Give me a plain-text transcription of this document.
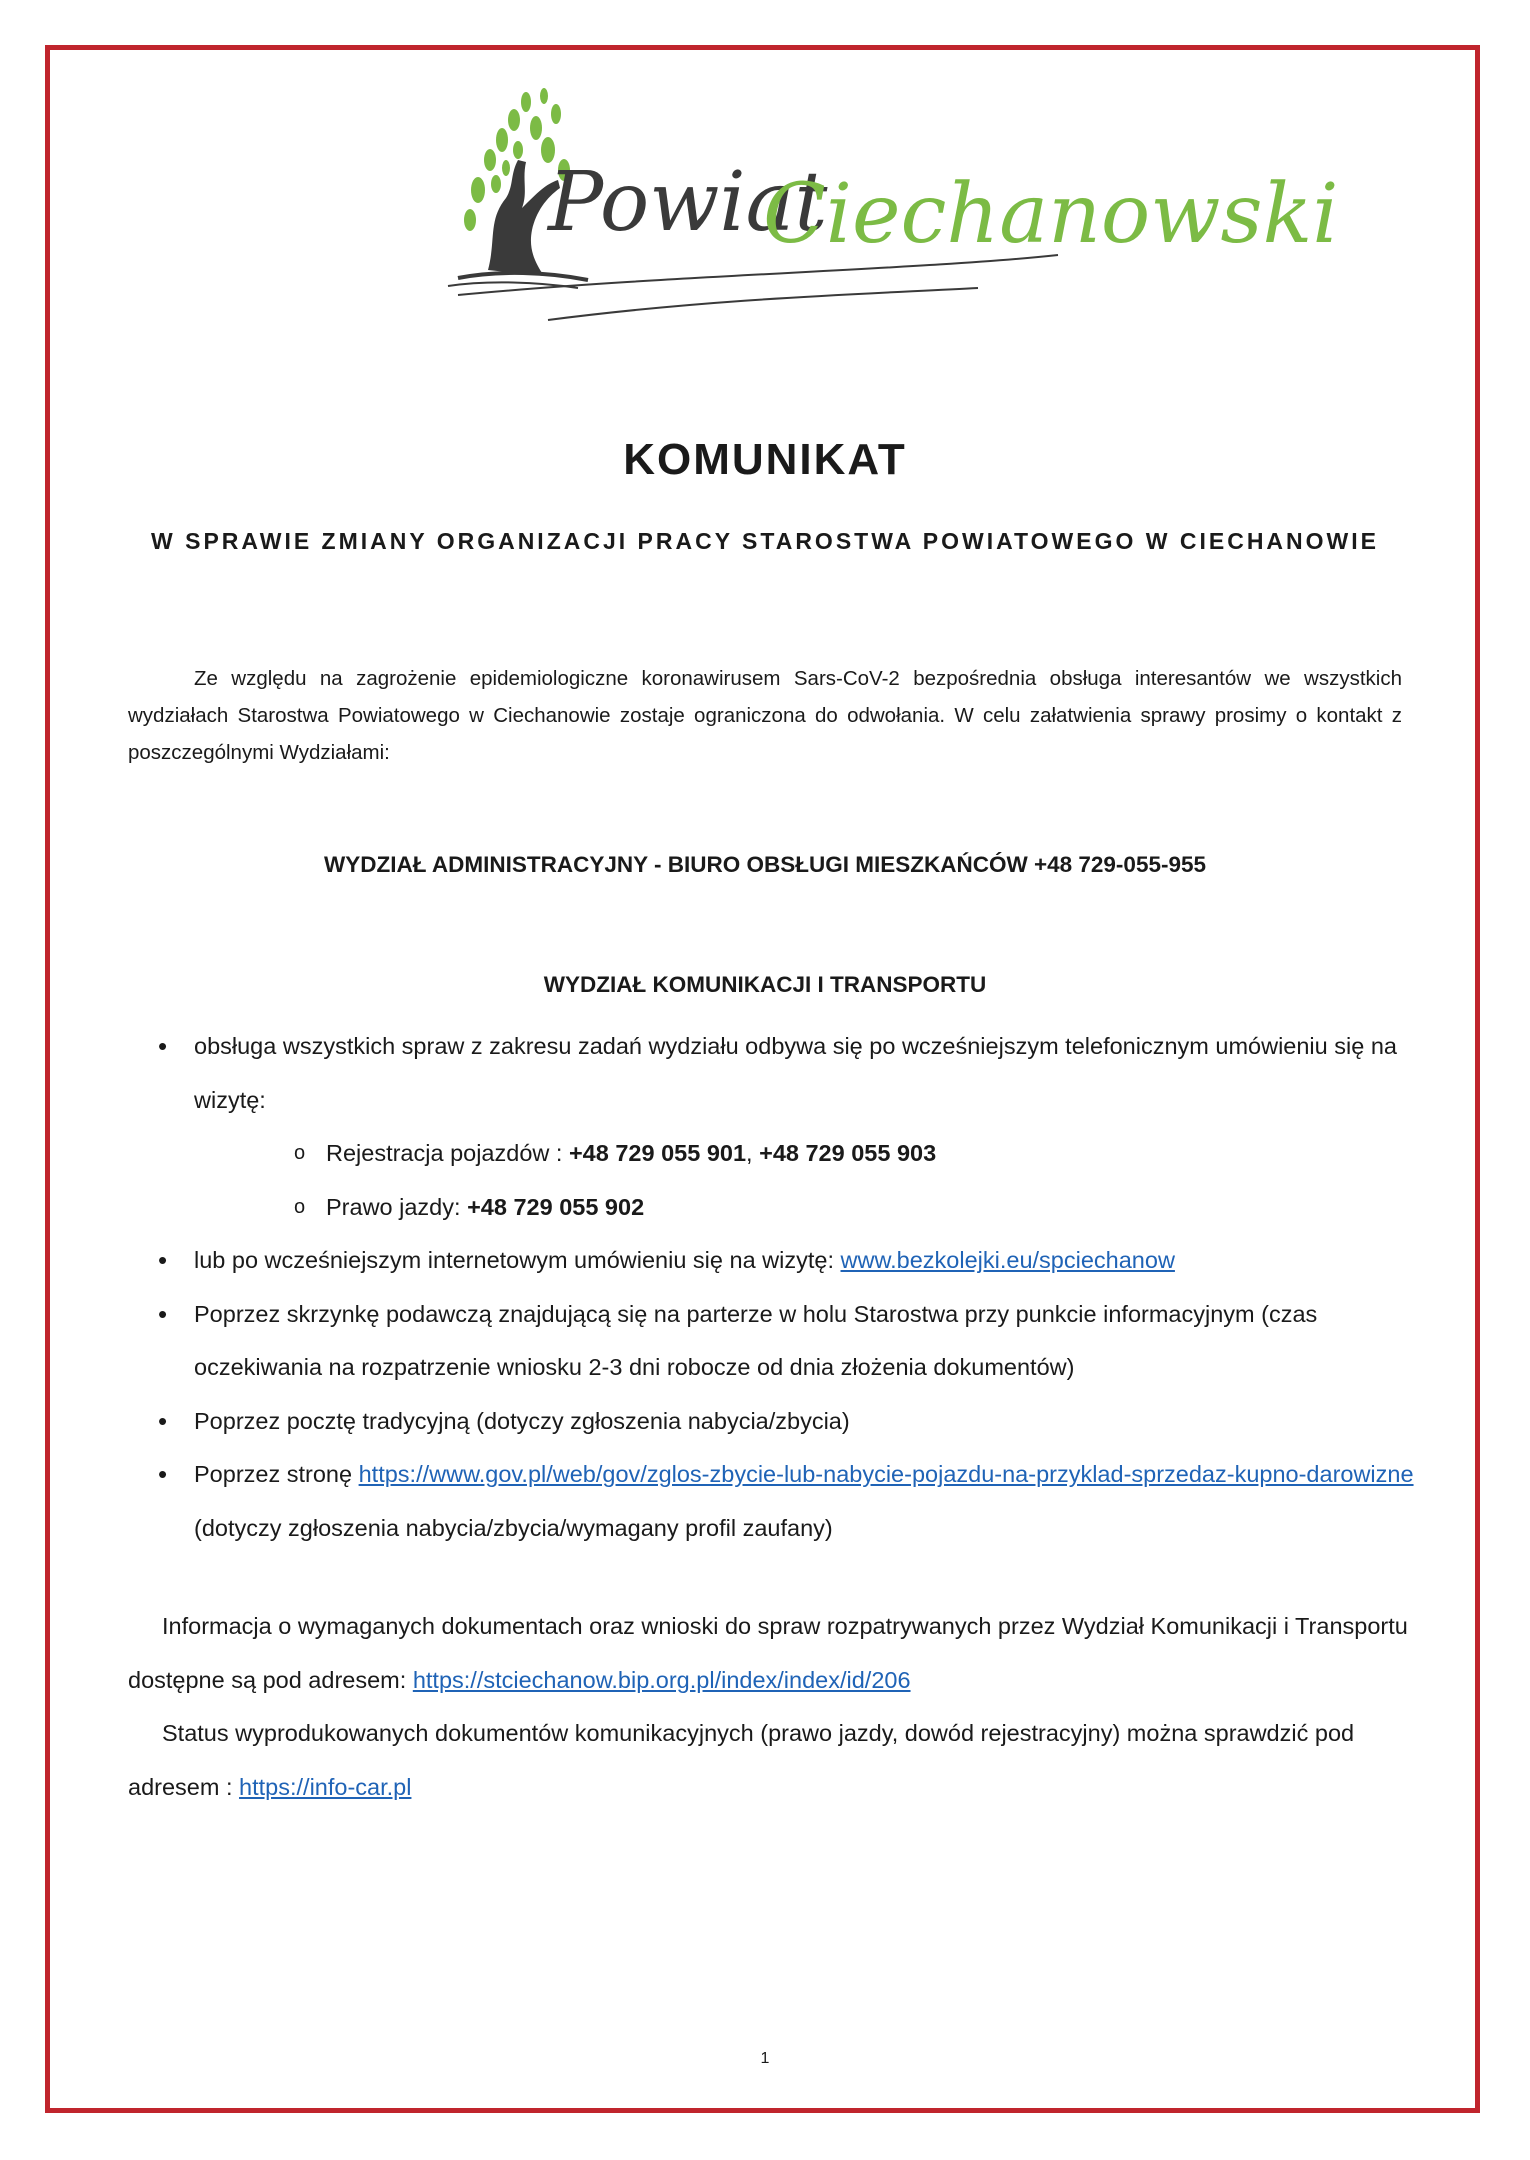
Powiat
Ciechanowski
KOMUNIKAT
W SPRAWIE ZMIANY ORGANIZACJI PRACY STAROSTWA POWIATOWEGO W CIECHANOWIE
Ze względu na zagrożenie epidemiologiczne koronawirusem Sars-CoV-2 bezpośrednia obsługa interesantów we wszystkich wydziałach Starostwa Powiatowego w Ciechanowie zostaje ograniczona do odwołania. W celu załatwienia sprawy prosimy o kontakt z poszczególnymi Wydziałami:
WYDZIAŁ ADMINISTRACYJNY - BIURO OBSŁUGI MIESZKAŃCÓW +48 729-055-955
WYDZIAŁ KOMUNIKACJI I TRANSPORTU
• obsługa wszystkich spraw z zakresu zadań wydziału odbywa się po wcześniejszym telefonicznym umówieniu się na wizytę:
o Rejestracja pojazdów : +48 729 055 901, +48 729 055 903
o Prawo jazdy: +48 729 055 902
• lub po wcześniejszym internetowym umówieniu się na wizytę: www.bezkolejki.eu/spciechanow
• Poprzez skrzynkę podawczą znajdującą się na parterze w holu Starostwa przy punkcie informacyjnym (czas oczekiwania na rozpatrzenie wniosku 2-3 dni robocze od dnia złożenia dokumentów)
• Poprzez pocztę tradycyjną (dotyczy zgłoszenia nabycia/zbycia)
• Poprzez stronę https://www.gov.pl/web/gov/zglos-zbycie-lub-nabycie-pojazdu-na-przyklad-sprzedaz-kupno-darowizne (dotyczy zgłoszenia nabycia/zbycia/wymagany profil zaufany)

Informacja o wymaganych dokumentach oraz wnioski do spraw rozpatrywanych przez Wydział Komunikacji i Transportu dostępne są pod adresem: https://stciechanow.bip.org.pl/index/index/id/206

Status wyprodukowanych dokumentów komunikacyjnych (prawo jazdy, dowód rejestracyjny) można sprawdzić pod adresem : https://info-car.pl

1
